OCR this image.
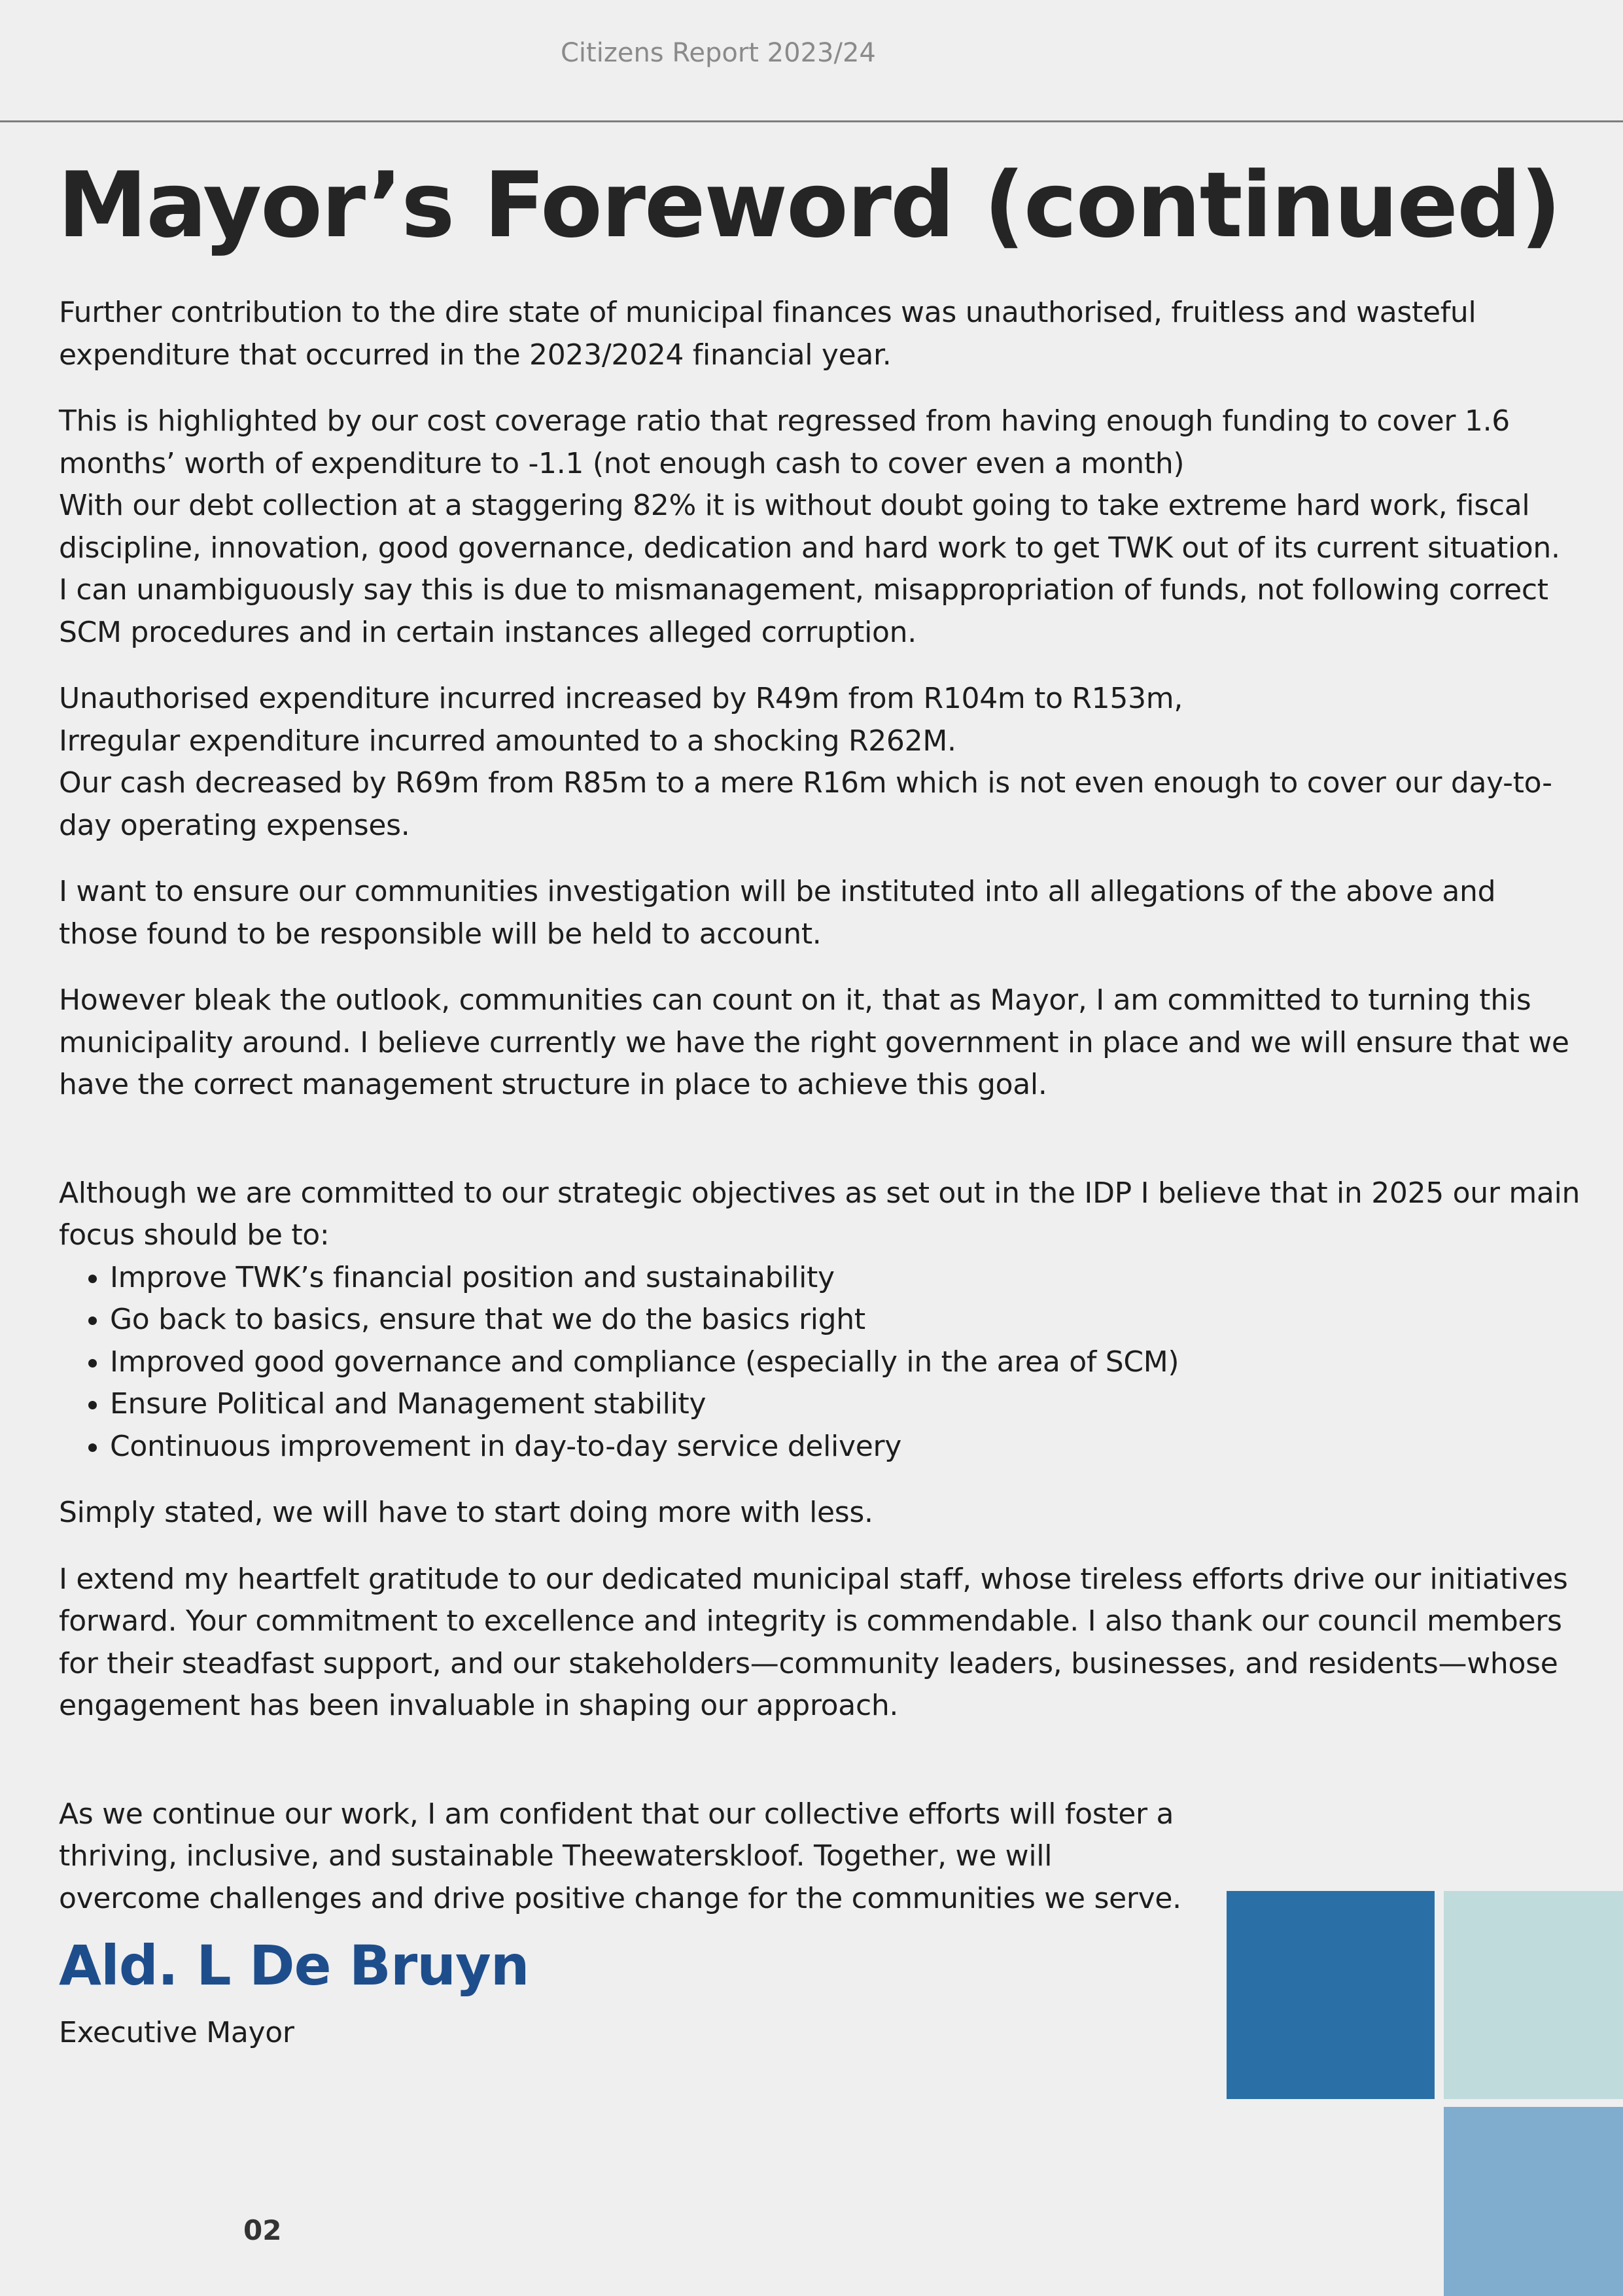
Citizens Report 2023/24
Mayor’s Foreword (continued)

Further contribution to the dire state of municipal finances was unauthorised, fruitless and wasteful expenditure that occurred in the 2023/2024 financial year.

This is highlighted by our cost coverage ratio that regressed from having enough funding to cover 1.6 months’ worth of expenditure to -1.1 (not enough cash to cover even a month)

With our debt collection at a staggering 82% it is without doubt going to take extreme hard work, fiscal discipline, innovation, good governance, dedication and hard work to get TWK out of its current situation.

I can unambiguously say this is due to mismanagement, misappropriation of funds, not following correct SCM procedures and in certain instances alleged corruption.

Unauthorised expenditure incurred increased by R49m from R104m to R153m,

Irregular expenditure incurred amounted to a shocking R262M.

Our cash decreased by R69m from R85m to a mere R16m which is not even enough to cover our day-to-day operating expenses.

I want to ensure our communities investigation will be instituted into all allegations of the above and those found to be responsible will be held to account.

However bleak the outlook, communities can count on it, that as Mayor, I am committed to turning this municipality around. I believe currently we have the right government in place and we will ensure that we have the correct management structure in place to achieve this goal.

Although we are committed to our strategic objectives as set out in the IDP I believe that in 2025 our main focus should be to:

• Improve TWK’s financial position and sustainability
• Go back to basics, ensure that we do the basics right
• Improved good governance and compliance (especially in the area of SCM)
• Ensure Political and Management stability
• Continuous improvement in day-to-day service delivery

Simply stated, we will have to start doing more with less.

I extend my heartfelt gratitude to our dedicated municipal staff, whose tireless efforts drive our initiatives forward. Your commitment to excellence and integrity is commendable. I also thank our council members for their steadfast support, and our stakeholders—community leaders, businesses, and residents—whose engagement has been invaluable in shaping our approach.

As we continue our work, I am confident that our collective efforts will foster a thriving, inclusive, and sustainable Theewaterskloof. Together, we will overcome challenges and drive positive change for the communities we serve.

Ald. L De Bruyn

Executive Mayor

02
